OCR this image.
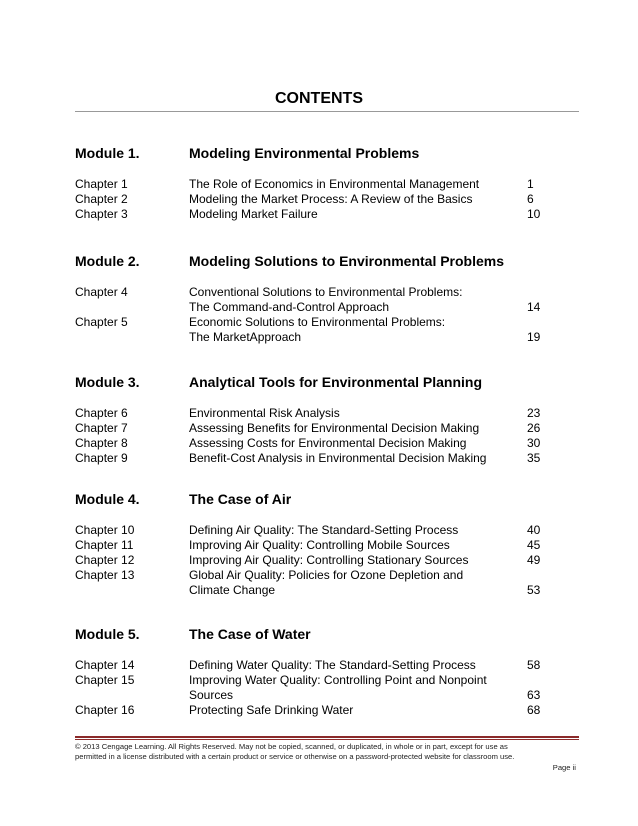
CONTENTS
Module 1.	Modeling Environmental Problems
Chapter 1	The Role of Economics in Environmental Management	1
Chapter 2	Modeling the Market Process: A Review of the Basics	6
Chapter 3	Modeling Market Failure	10
Module 2.	Modeling Solutions to Environmental Problems
Chapter 4	Conventional Solutions to Environmental Problems:
The Command-and-Control Approach	14
Chapter 5	Economic Solutions to Environmental Problems:
The MarketApproach	19
Module 3.	Analytical Tools for Environmental Planning
Chapter 6	Environmental Risk Analysis	23
Chapter 7	Assessing Benefits for Environmental Decision Making	26
Chapter 8	Assessing Costs for Environmental Decision Making	30
Chapter 9	Benefit-Cost Analysis in Environmental Decision Making	35
Module 4.	The Case of Air
Chapter 10	Defining Air Quality: The Standard-Setting Process	40
Chapter 11	Improving Air Quality: Controlling Mobile Sources	45
Chapter 12	Improving Air Quality: Controlling Stationary Sources	49
Chapter 13	Global Air Quality: Policies for Ozone Depletion and
Climate Change	53
Module 5.	The Case of Water
Chapter 14	Defining Water Quality: The Standard-Setting Process	58
Chapter 15	Improving Water Quality: Controlling Point and Nonpoint
Sources	63
Chapter 16	Protecting Safe Drinking Water	68
© 2013 Cengage Learning. All Rights Reserved. May not be copied, scanned, or duplicated, in whole or in part, except for use as
permitted in a license distributed with a certain product or service or otherwise on a password-protected website for classroom use.
Page ii
